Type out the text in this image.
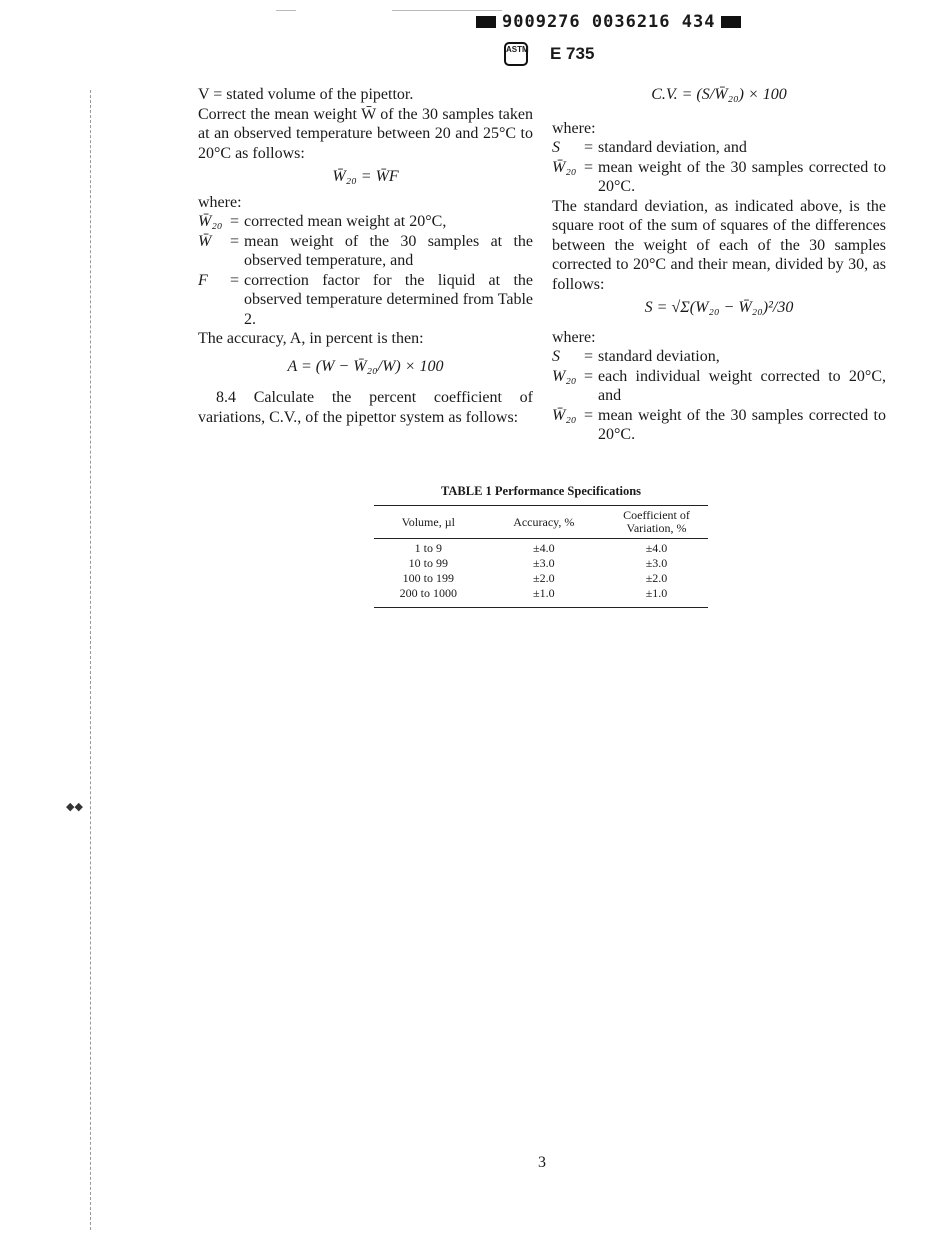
9009276 0036216 434
ASTM E 735

V = stated volume of the pipettor.

Correct the mean weight W̄ of the 30 samples taken at an observed temperature between 20 and 25°C to 20°C as follows:

W̄₂₀ = W̄F

where:

W̄₂₀ = corrected mean weight at 20°C,
W̄	= mean weight of the 30 samples at the observed temperature, and
F	= correction factor for the liquid at the observed temperature determined from Table 2.

The accuracy, A, in percent is then:

A = (W − W̄₂₀/W) × 100

8.4 Calculate the percent coefficient of variations, C.V., of the pipettor system as follows:

C.V. = (S/W̄₂₀) × 100

where:

S	= standard deviation, and
W̄₂₀ = mean weight of the 30 samples corrected to 20°C.

The standard deviation, as indicated above, is the square root of the sum of squares of the differences between the weight of each of the 30 samples corrected to 20°C and their mean, divided by 30, as follows:

S = √Σ(W₂₀ − W̄₂₀)²/30

where:

S	= standard deviation,
W₂₀ = each individual weight corrected to 20°C, and
W̄₂₀ = mean weight of the 30 samples corrected to 20°C.
TABLE 1 Performance Specifications
Volume, µl	Accuracy, %	Coefficient of Variation, %
1 to 9	±4.0	±4.0
10 to 99	±3.0	±3.0
100 to 199	±2.0	±2.0
200 to 1000	±1.0	±1.0
◆◆
3
